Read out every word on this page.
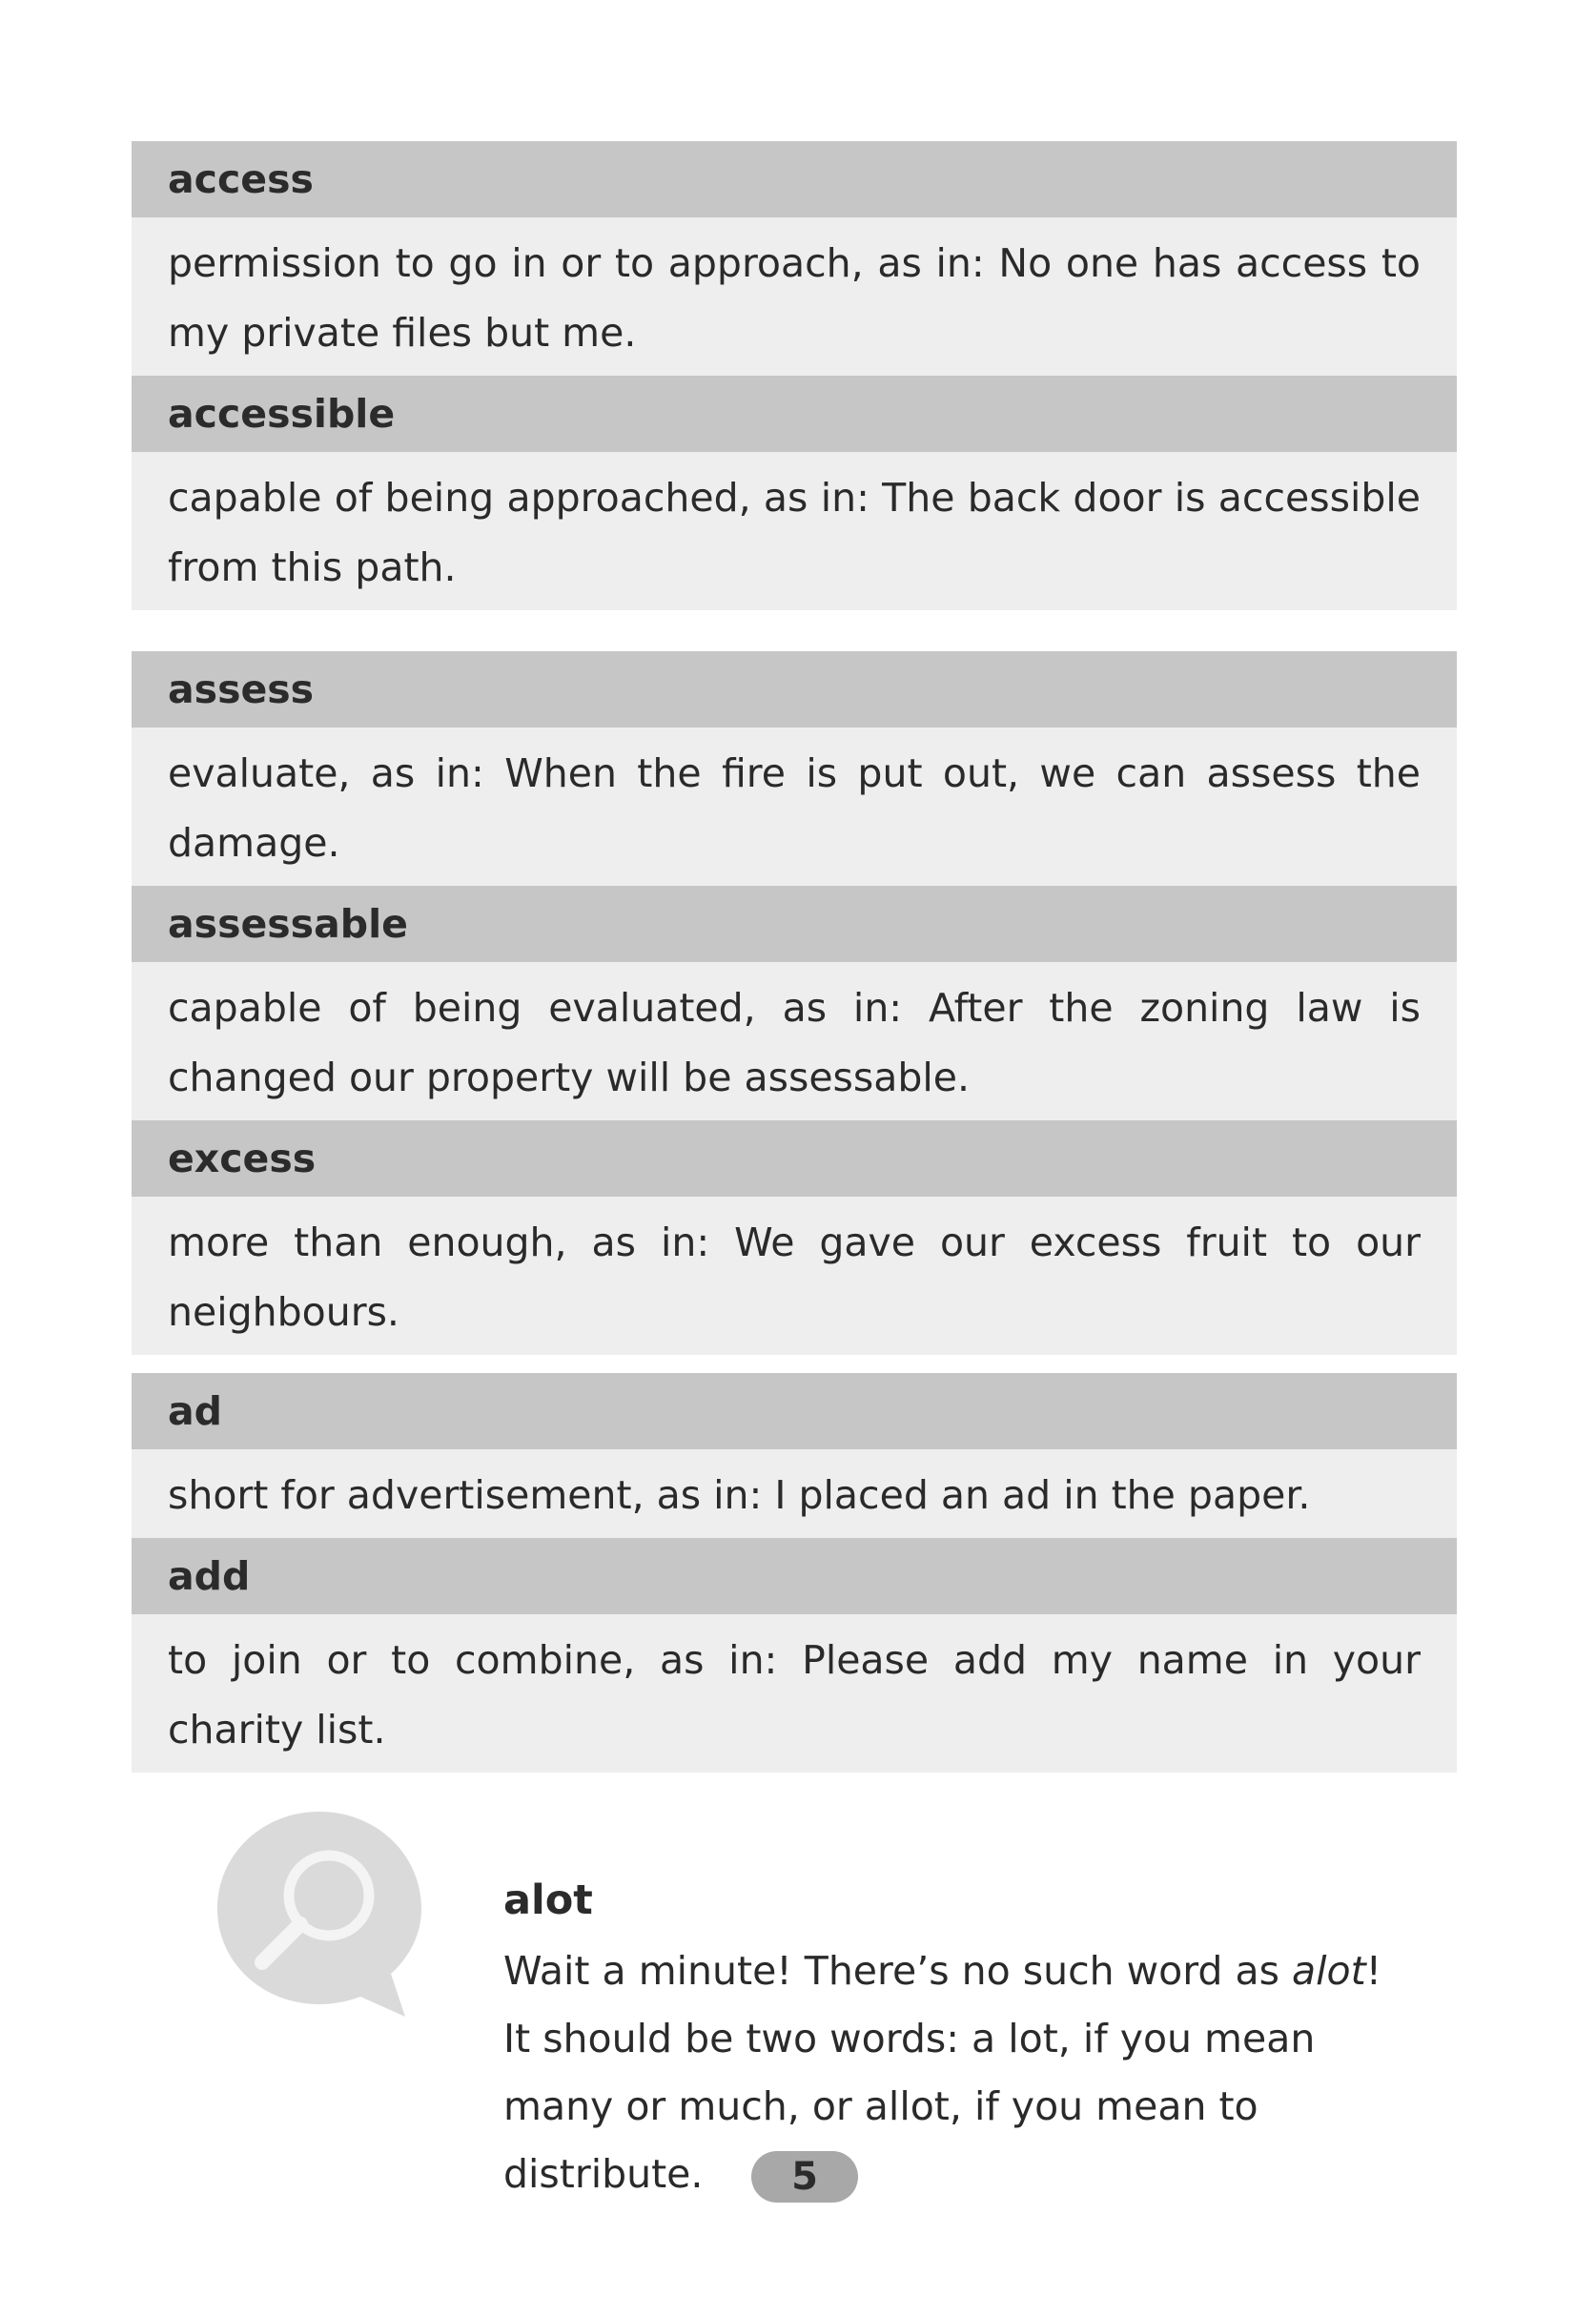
access
permission to go in or to approach, as in: No one has access to my private files but me.
accessible
capable of being approached, as in: The back door is accessible from this path.
assess
evaluate, as in: When the fire is put out, we can assess the damage.
assessable
capable of being evaluated, as in: After the zoning law is changed our property will be assessable.
excess
more than enough, as in: We gave our excess fruit to our neighbours.
ad
short for advertisement, as in: I placed an ad in the paper.
add
to join or to combine, as in: Please add my name in your charity list.
alot
Wait a minute! There’s no such word as alot! It should be two words: a lot, if you mean many or much, or allot, if you mean to distribute.	5
